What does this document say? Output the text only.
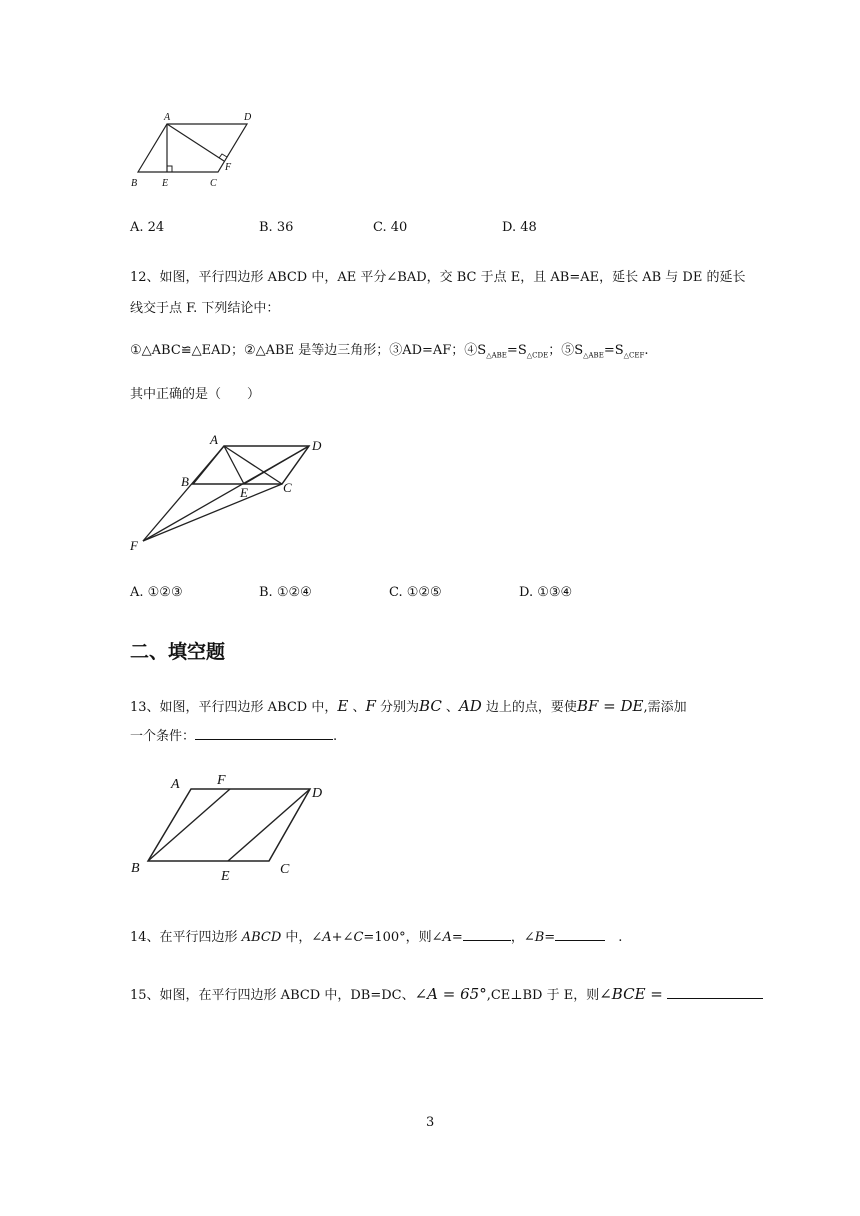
A	D
B E	C
F
A. 24	B. 36	C. 40	D. 48
12、如图，平行四边形 ABCD 中，AE 平分∠BAD，交 BC 于点 E，且 AB=AE，延长 AB 与 DE 的延长
线交于点 F. 下列结论中：
①△ABC≌△EAD；②△ABE 是等边三角形；③AD=AF；$④S_{\triangle ABE}=S_{\triangle CDE}$；$⑤S_{\triangle ABE}=S_{\triangle CEF}$.
其中正确的是（　　）
A	D
B
E	C
F
A. ①②③	B. ①②④	C. ①②⑤	D. ①③④
二、填空题
13、如图，平行四边形 ABCD 中，E 、F 分别为BC 、AD 边上的点，要使BF = DE,需添加
一个条件：	.
A	F
D
B
E	C
14、在平行四边形 ABCD 中，∠A+∠C=100°，则∠A=	，∠B=	　.
15、如图，在平行四边形 ABCD 中，DB=DC、∠A = 65°,CE⊥BD 于 E，则∠BCE =
3
